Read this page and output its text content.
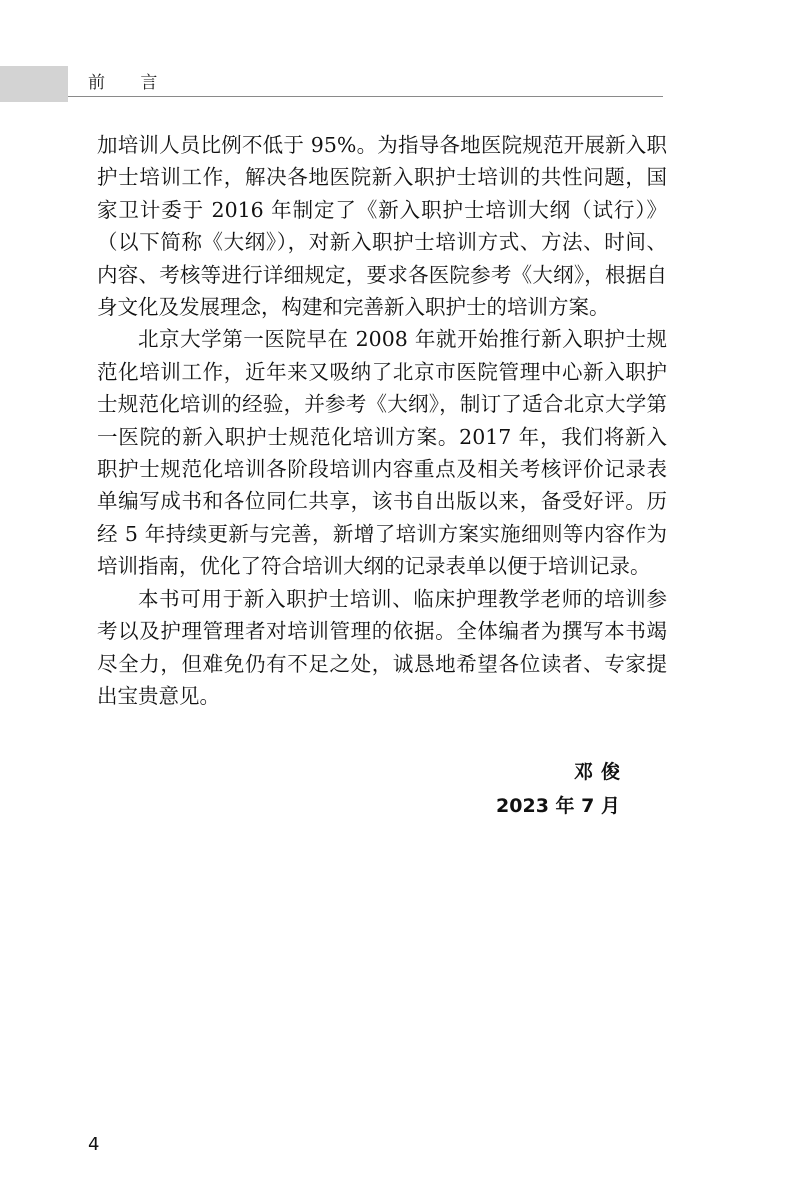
前 言

加培训人员比例不低于 95%。为指导各地医院规范开展新入职护士培训工作，解决各地医院新入职护士培训的共性问题，国家卫计委于 2016 年制定了《新入职护士培训大纲（试行）》（以下简称《大纲》），对新入职护士培训方式、方法、时间、内容、考核等进行详细规定，要求各医院参考《大纲》，根据自身文化及发展理念，构建和完善新入职护士的培训方案。

北京大学第一医院早在 2008 年就开始推行新入职护士规范化培训工作，近年来又吸纳了北京市医院管理中心新入职护士规范化培训的经验，并参考《大纲》，制订了适合北京大学第一医院的新入职护士规范化培训方案。2017 年，我们将新入职护士规范化培训各阶段培训内容重点及相关考核评价记录表单编写成书和各位同仁共享，该书自出版以来，备受好评。历经 5 年持续更新与完善，新增了培训方案实施细则等内容作为培训指南，优化了符合培训大纲的记录表单以便于培训记录。

本书可用于新入职护士培训、临床护理教学老师的培训参考以及护理管理者对培训管理的依据。全体编者为撰写本书竭尽全力，但难免仍有不足之处，诚恳地希望各位读者、专家提出宝贵意见。

邓俊
2023 年 7 月
4
